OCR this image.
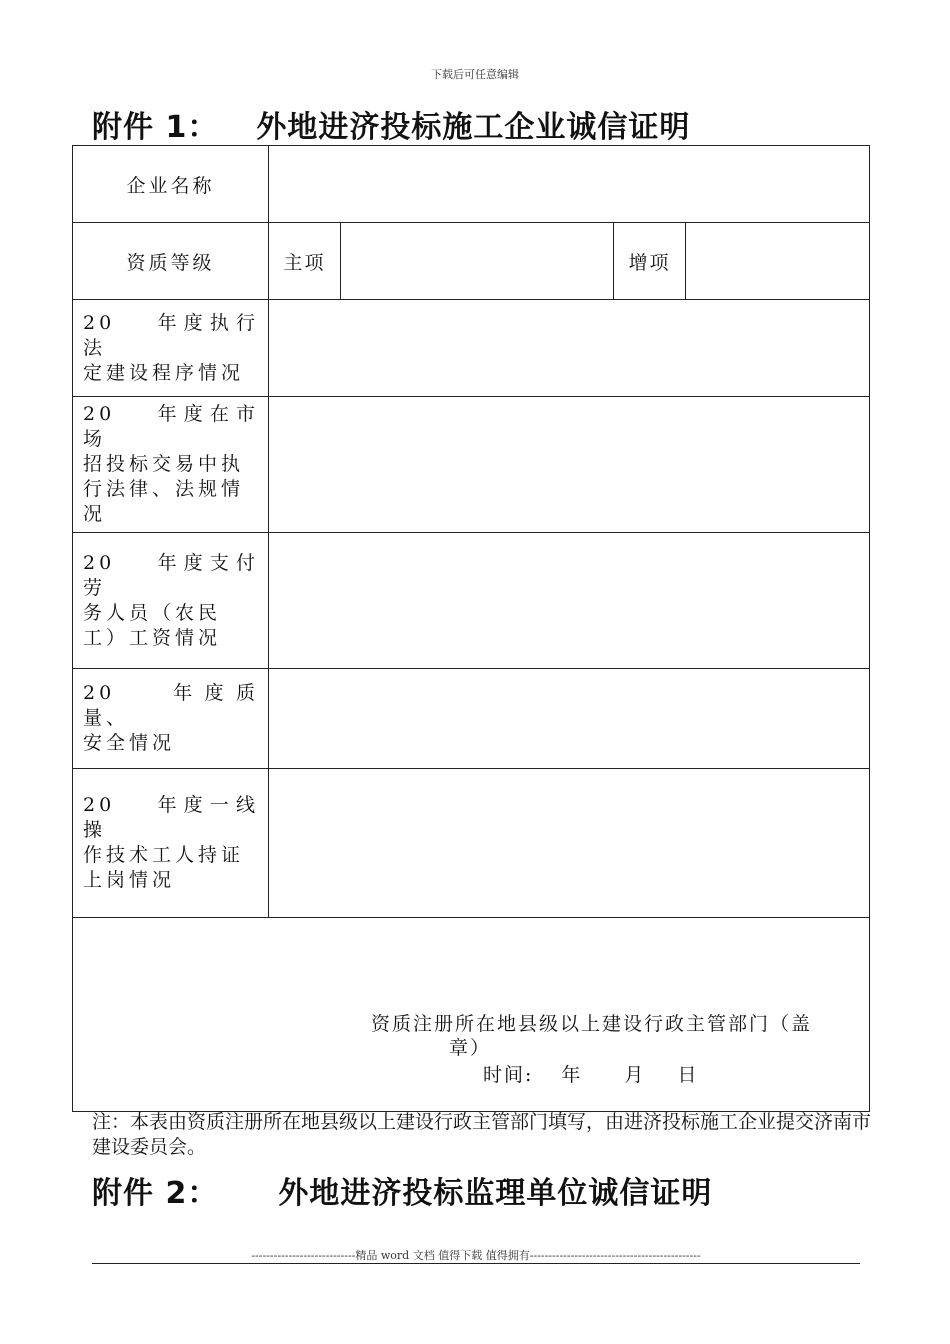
下载后可任意编辑
附件 1： 外地进济投标施工企业诚信证明
企业名称				
资质等级	主项		增项	

20　 年度执行法
定建设程序情况				

20　 年度在市场
招投标交易中执
行法律、法规情
况				

20　 年度支付劳
务人员（农民
工）工资情况				

20　 年度质量、
安全情况				

20　 年度一线操
作技术工人持证
上岗情况				

资质注册所在地县级以上建设行政主管部门（盖
章）
时间: 年 月 日				
注：本表由资质注册所在地县级以上建设行政主管部门填写，由进济投标施工企业提交济南市建设委员会。
附件 2： 外地进济投标监理单位诚信证明
----------------------------精品 word 文档 值得下载 值得拥有----------------------------------------------
